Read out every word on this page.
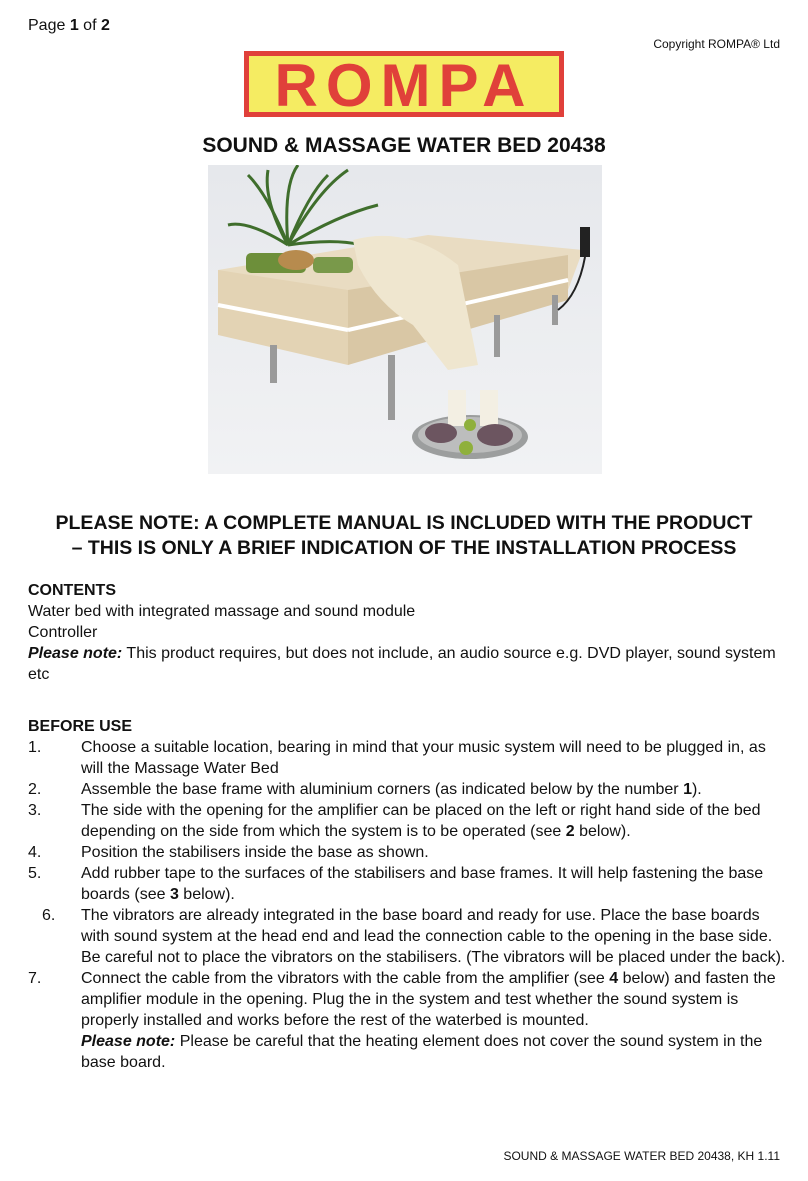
Page 1 of 2
Copyright ROMPA® Ltd
ROMPA
SOUND & MASSAGE WATER BED 20438
PLEASE NOTE: A COMPLETE MANUAL IS INCLUDED WITH THE PRODUCT
– THIS IS ONLY A BRIEF INDICATION OF THE INSTALLATION PROCESS
CONTENTS
Water bed with integrated massage and sound module
Controller
Please note: This product requires, but does not include, an audio source e.g. DVD player, sound system etc
BEFORE USE
1. Choose a suitable location, bearing in mind that your music system will need to be plugged in, as will the Massage Water Bed
2. Assemble the base frame with aluminium corners (as indicated below by the number 1).
3. The side with the opening for the amplifier can be placed on the left or right hand side of the bed depending on the side from which the system is to be operated (see 2 below).
4. Position the stabilisers inside the base as shown.
5. Add rubber tape to the surfaces of the stabilisers and base frames. It will help fastening the base boards (see 3 below).
6. The vibrators are already integrated in the base board and ready for use. Place the base boards with sound system at the head end and lead the connection cable to the opening in the base side. Be careful not to place the vibrators on the stabilisers. (The vibrators will be placed under the back).
7. Connect the cable from the vibrators with the cable from the amplifier (see 4 below) and fasten the amplifier module in the opening. Plug the in the system and test whether the sound system is properly installed and works before the rest of the waterbed is mounted.
Please note: Please be careful that the heating element does not cover the sound system in the base board.
SOUND & MASSAGE WATER BED 20438, KH 1.11
